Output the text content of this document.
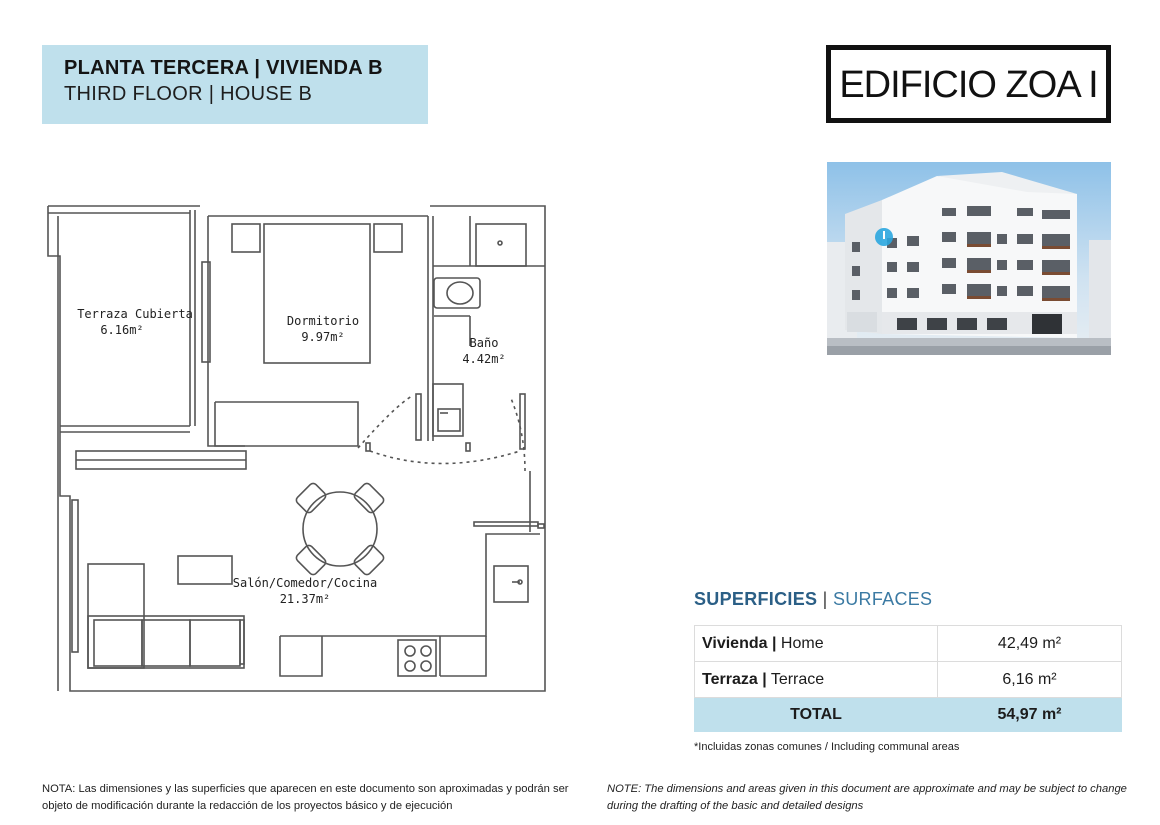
PLANTA TERCERA | VIVIENDA B
THIRD FLOOR | HOUSE B	EDIFICIO ZOA I
Terraza Cubierta
6.16m²
Dormitorio
9.97m²	Baño
4.42m²
Salón/Comedor/Cocina
21.37m²	SUPERFICIES | SURFACES
Vivienda | Home	42,49 m²
Terraza | Terrace	6,16 m²
TOTAL	54,97 m²
*Incluidas zonas comunes / Including communal areas
NOTA: Las dimensiones y las superficies que aparecen en este documento son aproximadas y podrán ser objeto de modificación durante la redacción de los proyectos básico y de ejecución
NOTE: The dimensions and areas given in this document are approximate and may be subject to change during the drafting of the basic and detailed designs
